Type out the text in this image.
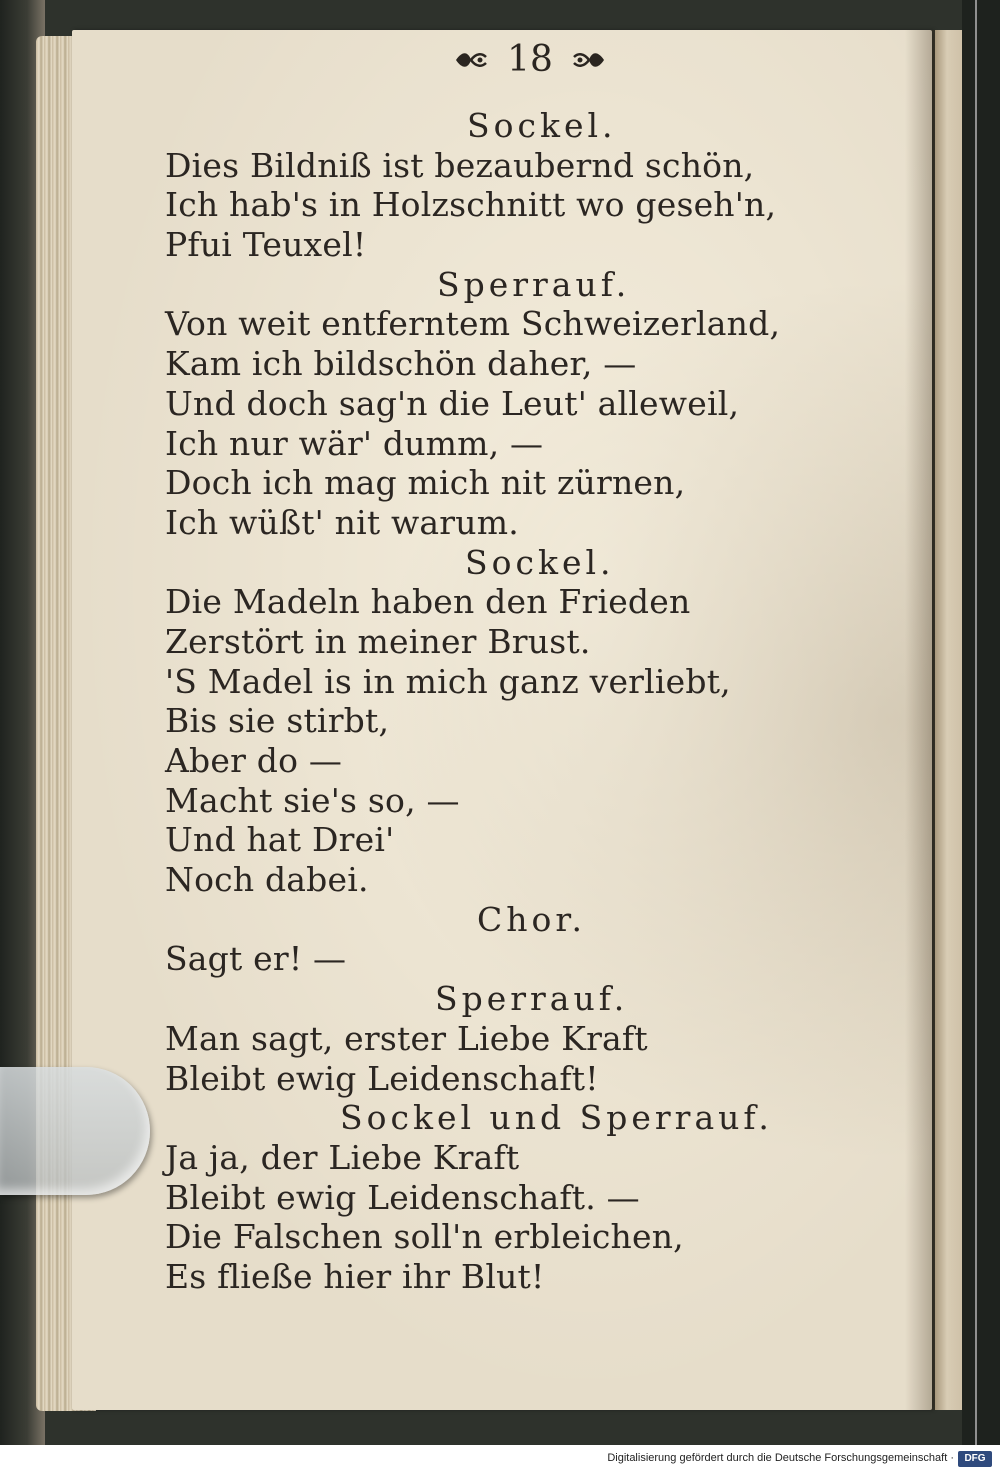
18
Sockel.
Dies Bildniß ist bezaubernd schön,
Ich hab's in Holzschnitt wo geseh'n,
Pfui Teuxel!
Sperrauf.
Von weit entferntem Schweizerland,
Kam ich bildschön daher, —
Und doch sag'n die Leut' alleweil,
Ich nur wär' dumm, —
Doch ich mag mich nit zürnen,
Ich wüßt' nit warum.
Sockel.
Die Madeln haben den Frieden
Zerstört in meiner Brust.
'S Madel is in mich ganz verliebt,
Bis sie stirbt,
Aber do —
Macht sie's so, —
Und hat Drei'
Noch dabei.
Chor.
Sagt er! —
Sperrauf.
Man sagt, erster Liebe Kraft
Bleibt ewig Leidenschaft!
Sockel und Sperrauf.
Ja ja, der Liebe Kraft
Bleibt ewig Leidenschaft. —
Die Falschen soll'n erbleichen,
Es fließe hier ihr Blut!
Digitalisierung gefördert durch die Deutsche Forschungsgemeinschaft ·	DFG
